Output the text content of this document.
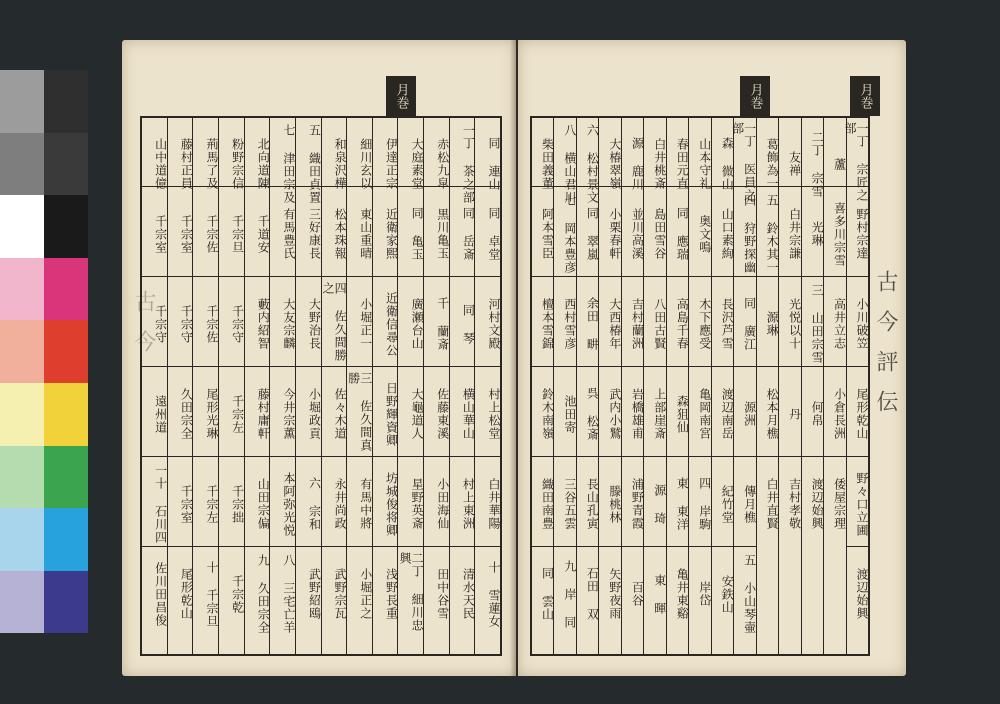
月巻
古今
同 連山
同 卓堂
河村文殿
村上松堂
白井華陽
十 雪蓮女
一丁 茶之部
同 岳斎
同 琴
横山華山
村上東洲
清水天民
赤松九皐
黒川亀玉
千 蘭斎
佐藤東溪
小田海仙
田中谷雪
大庭素堂
同 亀玉
廣瀬台山
大龜道人
星野英斎
二丁 細川忠興
伊達正宗
近衛家熙
近衛信尋公
日野輝資卿
坊城俊将卿
浅野長重
細川玄以
東山重晴
小堀正一
三 佐久間真勝
有馬中將
小堀正之
和泉沢樺
松本珠報
四 佐久間勝之
佐々木道
永井尚政
武野宗瓦
五 織田貞置
三好康長
大野治長
小堀政貢
六 宗和
武野紹鴎
七 津田宗及
有馬豊氏
大友宗麟
今井宗薫
本阿弥光悦
八 三宅亡羊
北向道陳
千道安
藪内紹智
藤村庸軒
山田宗偏
九 久田宗全
粉野宗信
千宗旦
千宗守
千宗左
千宗拙
千宗乾
荊馬了及
千宗佐
千宗佐
尾形光琳
千宗左
十 千宗旦
藤村正員
千宗室
千宗守
久田宗全
千宗室
尾形乾山
山中道億
千宗室
千宗守
遠州道
一十 石川四
佐川田昌俊
月巻	月巻
古今評伝
一丁 宗匠之部
野村宗達
小川破笠
尾形乾山
野々口立圃
渡辺始興
蘆
喜多川宗雪
高井立志
小倉長洲
倭屋宗理
二丁 宗雪
光琳
三 山田宗雪
何帛
渡辺始興
友禅
白井宗謙
光悦以十
丹
吉村孝敬
葛飾為一
五 鈴木其一
源琳
松本月樵
白井直賢
一丁 医員之部
四 狩野探幽
同 廣江
源洲
傳月樵
五 小山琴壷
森 微山
山口素絢
長沢芦雪
渡辺南岳
紀竹堂
安鉄山
山本守礼
奥文鳴
木下應受
亀岡南宮
四 岸駒
岸岱
春田元直
同 應瑞
高島千春
森狙仙
東 東洋
亀井東谿
白井桃斎
島田雪谷
八田古賢
上部崖斎
源 琦
東 暉
源 鹿川
並川高溪
吉村蘭洲
岩橋雄甫
浦野青霞
百谷
大椿翠嶺
小栗春軒
大西椿年
武内小鷲
滕桃林
矢野夜雨
六 松村景文
同 翠嵐
余田 畊
呉 松斎
長山孔寅
石田 双
八 横山君川
七 岡本豊彦
西村雪彦
池田寄
三谷五雲
九 岸 同
柴田義董
阿本雪臣
檀本雪錦
鈴木南嶺
織田南豊
同 雲山
